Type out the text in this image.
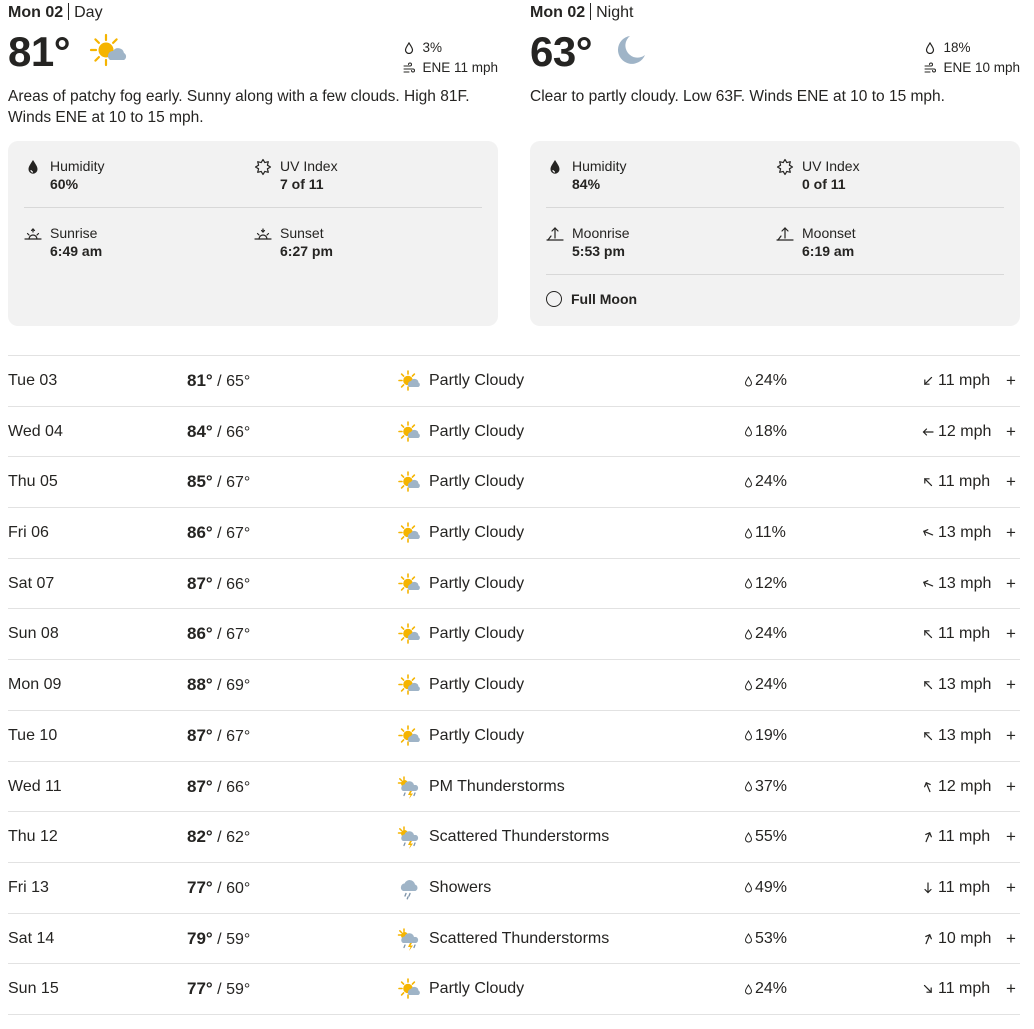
Mon 02 Day
81°	3%
ENE 11 mph

Areas of patchy fog early. Sunny along with a few clouds. High 81F. Winds ENE at 10 to 15 mph.

Humidity
60%
UV Index
7 of 11
Sunrise
6:49 am
Sunset
6:27 pm
Mon 02 Night
63°	18%
ENE 10 mph

Clear to partly cloudy. Low 63F. Winds ENE at 10 to 15 mph.

Humidity
84%
UV Index
0 of 11
Moonrise
5:53 pm
Moonset
6:19 am
Full Moon
Tue 03	81° / 65°	Partly Cloudy	24%	11 mph +
Wed 04	84° / 66°	Partly Cloudy	18%	12 mph +
Thu 05	85° / 67°	Partly Cloudy	24%	11 mph +
Fri 06	86° / 67°	Partly Cloudy	11%	13 mph +
Sat 07	87° / 66°	Partly Cloudy	12%	13 mph +
Sun 08	86° / 67°	Partly Cloudy	24%	11 mph +
Mon 09	88° / 69°	Partly Cloudy	24%	13 mph +
Tue 10	87° / 67°	Partly Cloudy	19%	13 mph +
Wed 11	87° / 66°	PM Thunderstorms	37%	12 mph +
Thu 12	82° / 62°	Scattered Thunderstorms	55%	11 mph +
Fri 13	77° / 60°	Showers	49%	11 mph +
Sat 14	79° / 59°	Scattered Thunderstorms	53%	10 mph +
Sun 15	77° / 59°	Partly Cloudy	24%	11 mph +
